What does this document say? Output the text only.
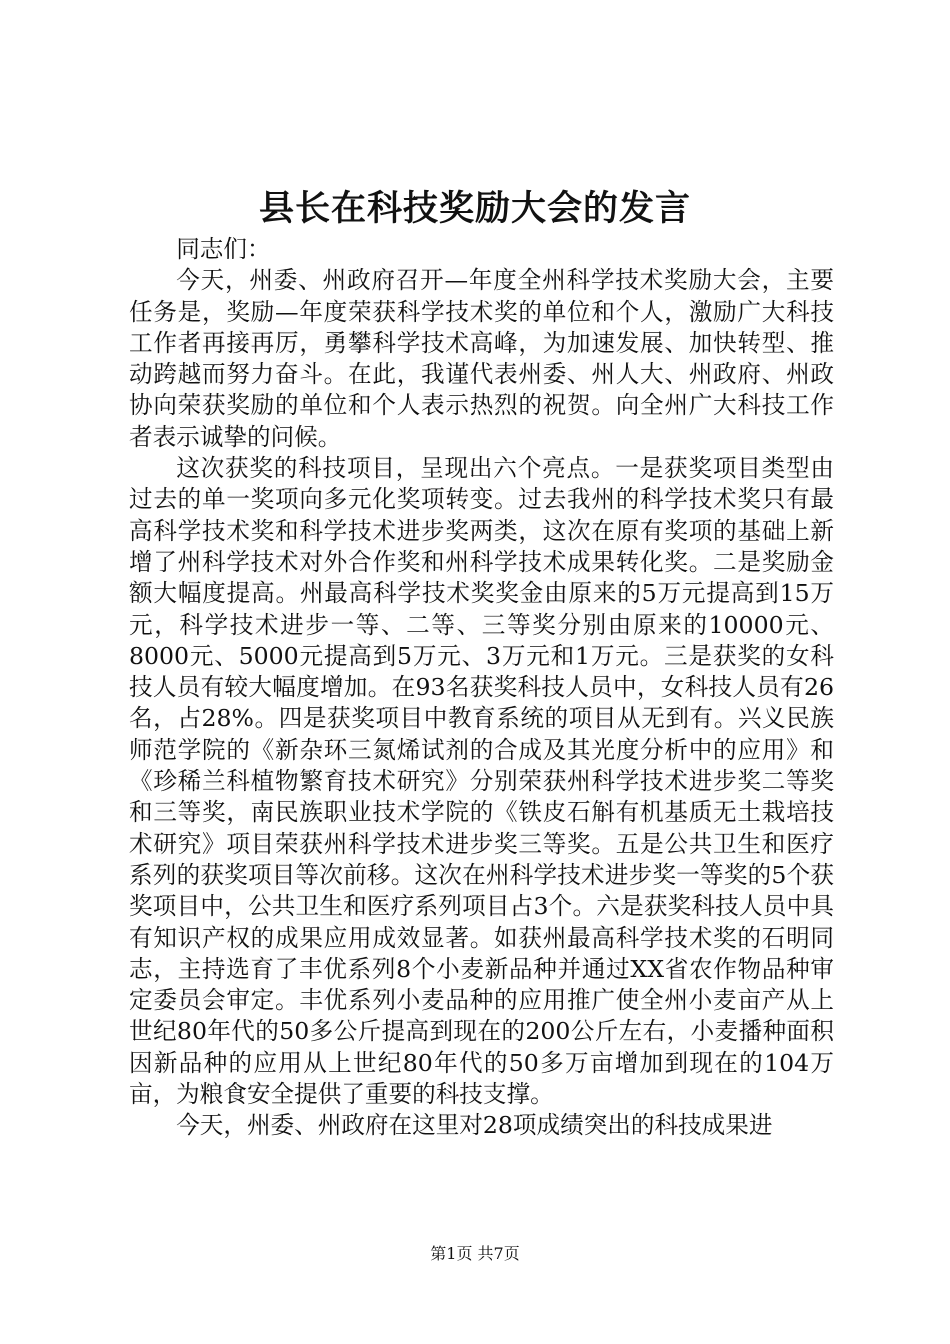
县长在科技奖励大会的发言

同志们：

今天，州委、州政府召开—年度全州科学技术奖励大会，主要任务是，奖励—年度荣获科学技术奖的单位和个人，激励广大科技工作者再接再厉，勇攀科学技术高峰，为加速发展、加快转型、推动跨越而努力奋斗。在此，我谨代表州委、州人大、州政府、州政协向荣获奖励的单位和个人表示热烈的祝贺。向全州广大科技工作者表示诚挚的问候。

这次获奖的科技项目，呈现出六个亮点。一是获奖项目类型由过去的单一奖项向多元化奖项转变。过去我州的科学技术奖只有最高科学技术奖和科学技术进步奖两类，这次在原有奖项的基础上新增了州科学技术对外合作奖和州科学技术成果转化奖。二是奖励金额大幅度提高。州最高科学技术奖奖金由原来的5万元提高到15万元，科学技术进步一等、二等、三等奖分别由原来的10000元、8000元、5000元提高到5万元、3万元和1万元。三是获奖的女科技人员有较大幅度增加。在93名获奖科技人员中，女科技人员有26名，占28%。四是获奖项目中教育系统的项目从无到有。兴义民族师范学院的《新杂环三氮烯试剂的合成及其光度分析中的应用》和《珍稀兰科植物繁育技术研究》分别荣获州科学技术进步奖二等奖和三等奖，南民族职业技术学院的《铁皮石斛有机基质无土栽培技术研究》项目荣获州科学技术进步奖三等奖。五是公共卫生和医疗系列的获奖项目等次前移。这次在州科学技术进步奖一等奖的5个获奖项目中，公共卫生和医疗系列项目占3个。六是获奖科技人员中具有知识产权的成果应用成效显著。如获州最高科学技术奖的石明同志，主持选育了丰优系列8个小麦新品种并通过XX省农作物品种审定委员会审定。丰优系列小麦品种的应用推广使全州小麦亩产从上世纪80年代的50多公斤提高到现在的200公斤左右，小麦播种面积因新品种的应用从上世纪80年代的50多万亩增加到现在的104万亩，为粮食安全提供了重要的科技支撑。

今天，州委、州政府在这里对28项成绩突出的科技成果进

第1页 共7页
